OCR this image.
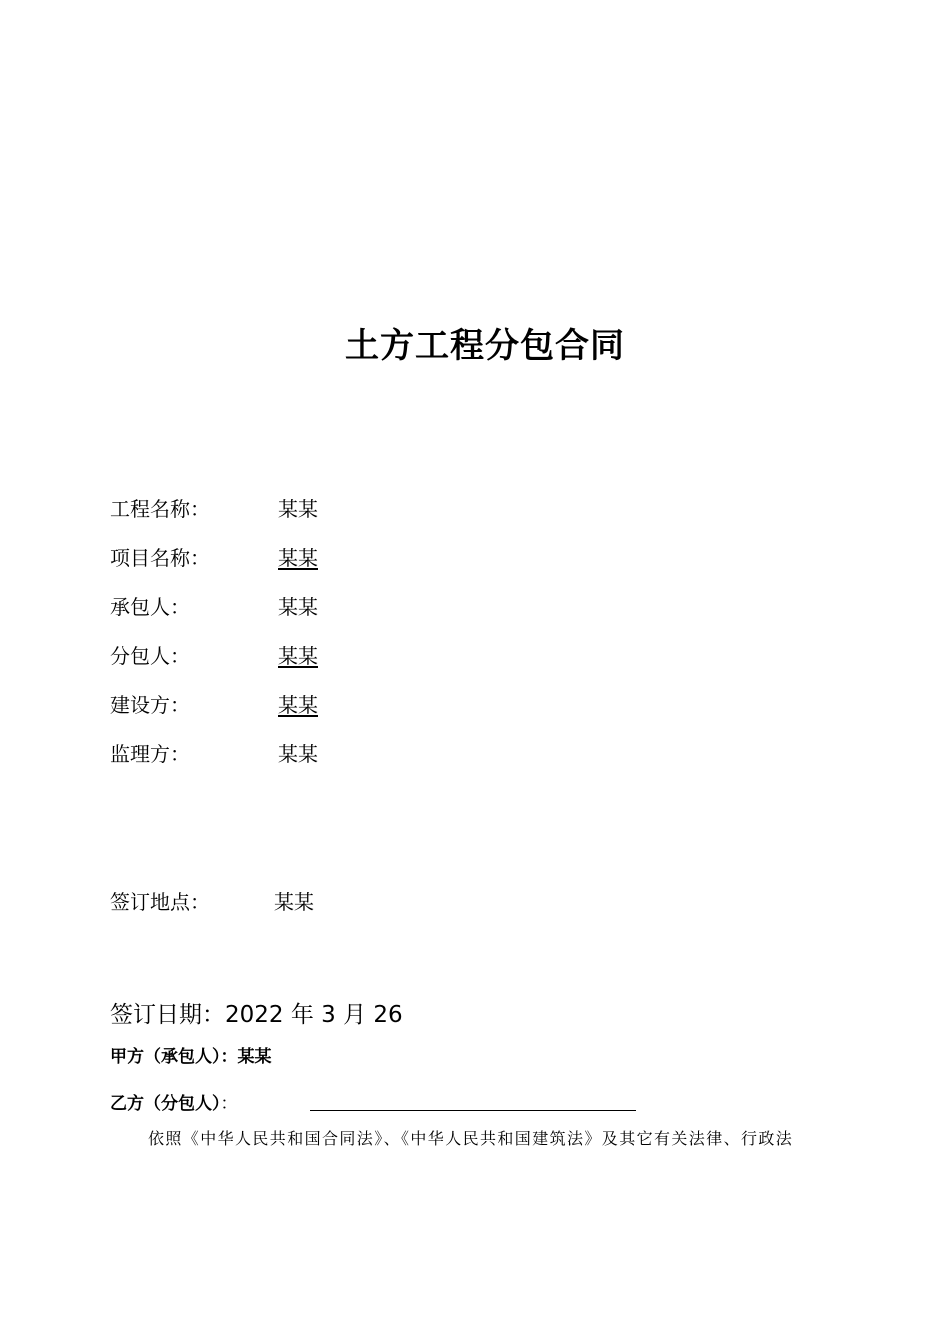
土方工程分包合同
工程名称：	某某
项目名称：	某某
承包人：	某某
分包人：	某某
建设方：	某某
监理方：	某某
签订地点：	某某
签订日期：2022 年 3 月 26
甲方（承包人）：某某
乙方（分包人）：
依照《中华人民共和国合同法》、《中华人民共和国建筑法》及其它有关法律、行政法
